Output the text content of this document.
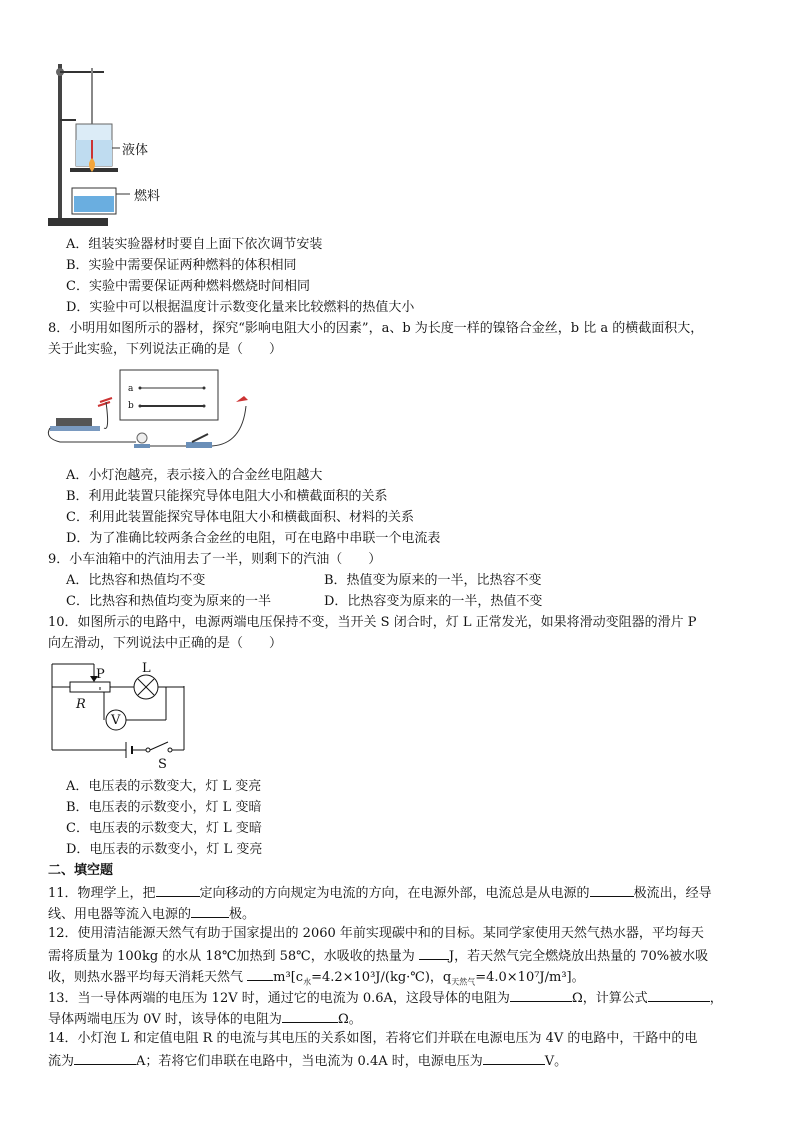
液体
燃料
A．组装实验器材时要自上面下依次调节安装
B．实验中需要保证两种燃料的体积相同
C．实验中需要保证两种燃料燃烧时间相同
D．实验中可以根据温度计示数变化量来比较燃料的热值大小
8．小明用如图所示的器材，探究“影响电阻大小的因素”，a、b 为长度一样的镍铬合金丝，b 比 a 的横截面积大，
关于此实验，下列说法正确的是（　　）
a
b
A．小灯泡越亮，表示接入的合金丝电阻越大
B．利用此装置只能探究导体电阻大小和横截面积的关系
C．利用此装置能探究导体电阻大小和横截面积、材料的关系
D．为了准确比较两条合金丝的电阻，可在电路中串联一个电流表
9．小车油箱中的汽油用去了一半，则剩下的汽油（　　）
A．比热容和热值均不变	B．热值变为原来的一半，比热容不变
C．比热容和热值均变为原来的一半	D．比热容变为原来的一半，热值不变
10．如图所示的电路中，电源两端电压保持不变，当开关 S 闭合时，灯 L 正常发光，如果将滑动变阻器的滑片 P
向左滑动，下列说法中正确的是（　　）
V
L
P
R
S
A．电压表的示数变大，灯 L 变亮
B．电压表的示数变小，灯 L 变暗
C．电压表的示数变大，灯 L 变暗
D．电压表的示数变小，灯 L 变亮
二、填空题
11．物理学上，把	定向移动的方向规定为电流的方向，在电源外部，电流总是从电源的	极流出，经导
线、用电器等流入电源的	极。
12．使用清洁能源天然气有助于国家提出的 2060 年前实现碳中和的目标。某同学家使用天然气热水器，平均每天
需将质量为 100kg 的水从 18℃加热到 58℃，水吸收的热量为	J，若天然气完全燃烧放出热量的 70%被水吸
收，则热水器平均每天消耗天然气 $m^3[c_水=4.2\times 10^3J/(kg\cdot℃)$，$q_{天然气}=4.0\times 10^7J/m^3$]。
13．当一导体两端的电压为 12V 时，通过它的电流为 0.6A，这段导体的电阻为	Ω，计算公式	，
导体两端电压为 0V 时，该导体的电阻为	Ω。
14．小灯泡 L 和定值电阻 R 的电流与其电压的关系如图，若将它们并联在电源电压为 4V 的电路中，干路中的电
流为	A；若将它们串联在电路中，当电流为 0.4A 时，电源电压为	V。
